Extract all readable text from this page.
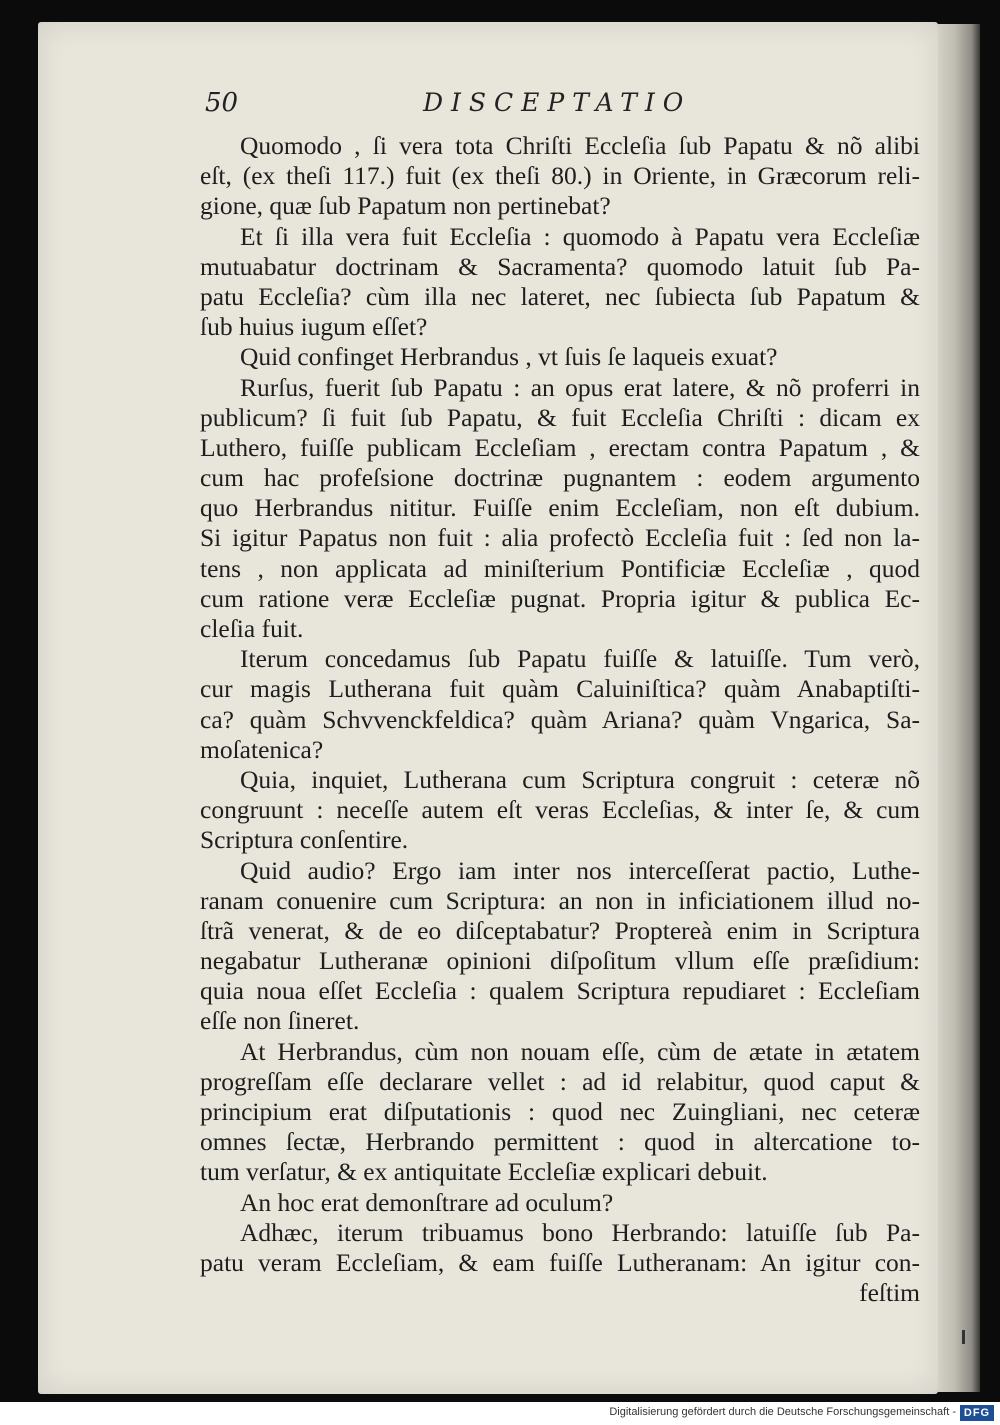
50	DISCEPTATIO
Quomodo , ſi vera tota Chriſti Eccleſia ſub Papatu & nõ alibi
eſt, (ex theſi 117.) fuit (ex theſi 80.) in Oriente, in Græcorum reli-
gione, quæ ſub Papatum non pertinebat?
Et ſi illa vera fuit Eccleſia : quomodo à Papatu vera Eccleſiæ
mutuabatur doctrinam & Sacramenta? quomodo latuit ſub Pa-
patu Eccleſia? cùm illa nec lateret, nec ſubiecta ſub Papatum &
ſub huius iugum eſſet?
Quid confinget Herbrandus , vt ſuis ſe laqueis exuat?
Rurſus, fuerit ſub Papatu : an opus erat latere, & nõ proferri in
publicum? ſi fuit ſub Papatu, & fuit Eccleſia Chriſti : dicam ex
Luthero, fuiſſe publicam Eccleſiam , erectam contra Papatum , &
cum hac profeſsione doctrinæ pugnantem : eodem argumento
quo Herbrandus nititur. Fuiſſe enim Eccleſiam, non eſt dubium.
Si igitur Papatus non fuit : alia profectò Eccleſia fuit : ſed non la-
tens , non applicata ad miniſterium Pontificiæ Eccleſiæ , quod
cum ratione veræ Eccleſiæ pugnat. Propria igitur & publica Ec-
cleſia fuit.
Iterum concedamus ſub Papatu fuiſſe & latuiſſe. Tum verò,
cur magis Lutherana fuit quàm Caluiniſtica? quàm Anabaptiſti-
ca? quàm Schvvenckfeldica? quàm Ariana? quàm Vngarica, Sa-
moſatenica?
Quia, inquiet, Lutherana cum Scriptura congruit : ceteræ nõ
congruunt : neceſſe autem eſt veras Eccleſias, & inter ſe, & cum
Scriptura conſentire.
Quid audio? Ergo iam inter nos interceſſerat pactio, Luthe-
ranam conuenire cum Scriptura: an non in inficiationem illud no-
ſtrã venerat, & de eo diſceptabatur? Proptereà enim in Scriptura
negabatur Lutheranæ opinioni diſpoſitum vllum eſſe præſidium:
quia noua eſſet Eccleſia : qualem Scriptura repudiaret : Eccleſiam
eſſe non ſineret.
At Herbrandus, cùm non nouam eſſe, cùm de ætate in ætatem
progreſſam eſſe declarare vellet : ad id relabitur, quod caput &
principium erat diſputationis : quod nec Zuingliani, nec ceteræ
omnes ſectæ, Herbrando permittent : quod in altercatione to-
tum verſatur, & ex antiquitate Eccleſiæ explicari debuit.
An hoc erat demonſtrare ad oculum?
Adhæc, iterum tribuamus bono Herbrando: latuiſſe ſub Pa-
patu veram Eccleſiam, & eam fuiſſe Lutheranam: An igitur con-
feſtim
Digitalisierung gefördert durch die Deutsche Forschungsgemeinschaft - DFG
